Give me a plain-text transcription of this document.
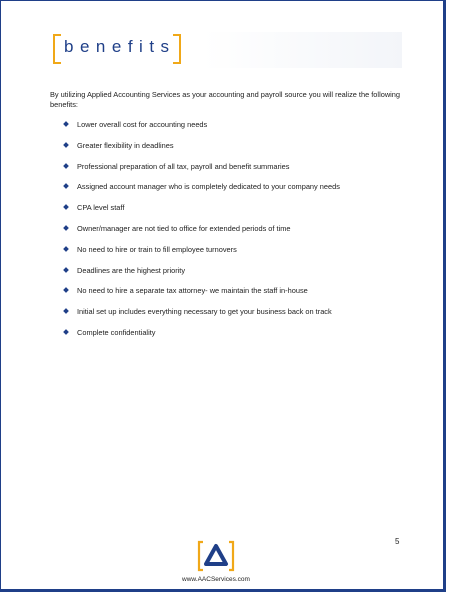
benefits
By utilizing Applied Accounting Services as your accounting and payroll source you will realize the following benefits:
Lower overall cost for accounting needs
Greater flexibility in deadlines
Professional preparation of all tax, payroll and benefit summaries
Assigned account manager who is completely dedicated to your company needs
CPA level staff
Owner/manager are not tied to office for extended periods of time
No need to hire or train to fill employee turnovers
Deadlines are the highest priority
No need to hire a separate tax attorney- we maintain the staff in-house
Initial set up includes everything necessary to get your business back on track
Complete confidentiality
5
www.AACServices.com
